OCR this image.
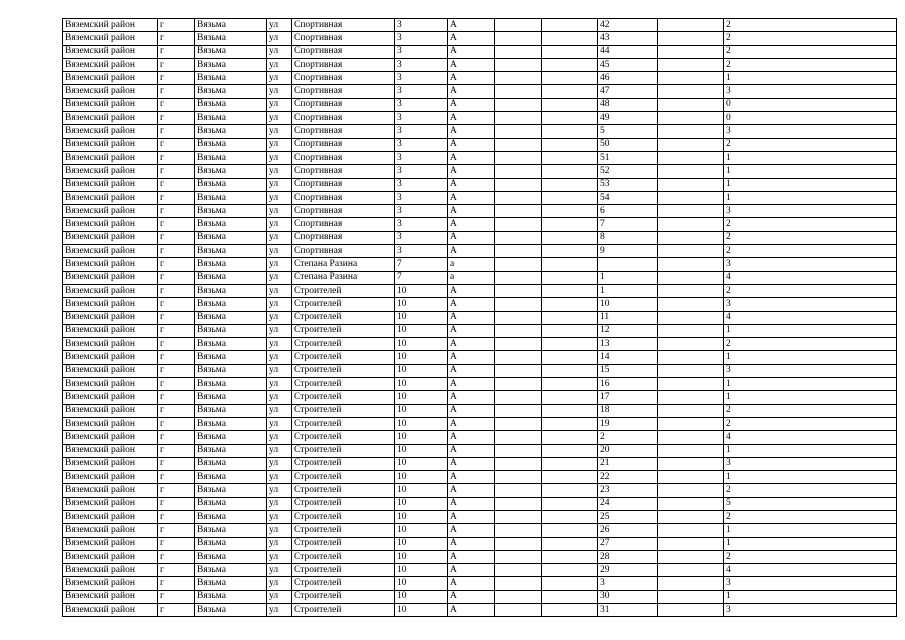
Вяземский район	г	Вязьма	ул	Спортивная	3	А			42		2
Вяземский район	г	Вязьма	ул	Спортивная	3	А			43		2
Вяземский район	г	Вязьма	ул	Спортивная	3	А			44		2
Вяземский район	г	Вязьма	ул	Спортивная	3	А			45		2
Вяземский район	г	Вязьма	ул	Спортивная	3	А			46		1
Вяземский район	г	Вязьма	ул	Спортивная	3	А			47		3
Вяземский район	г	Вязьма	ул	Спортивная	3	А			48		0
Вяземский район	г	Вязьма	ул	Спортивная	3	А			49		0
Вяземский район	г	Вязьма	ул	Спортивная	3	А			5		3
Вяземский район	г	Вязьма	ул	Спортивная	3	А			50		2
Вяземский район	г	Вязьма	ул	Спортивная	3	А			51		1
Вяземский район	г	Вязьма	ул	Спортивная	3	А			52		1
Вяземский район	г	Вязьма	ул	Спортивная	3	А			53		1
Вяземский район	г	Вязьма	ул	Спортивная	3	А			54		1
Вяземский район	г	Вязьма	ул	Спортивная	3	А			6		3
Вяземский район	г	Вязьма	ул	Спортивная	3	А			7		2
Вяземский район	г	Вязьма	ул	Спортивная	3	А			8		2
Вяземский район	г	Вязьма	ул	Спортивная	3	А			9		2
Вяземский район	г	Вязьма	ул	Степана Разина	7	а					3
Вяземский район	г	Вязьма	ул	Степана Разина	7	а			1		4
Вяземский район	г	Вязьма	ул	Строителей	10	А			1		2
Вяземский район	г	Вязьма	ул	Строителей	10	А			10		3
Вяземский район	г	Вязьма	ул	Строителей	10	А			11		4
Вяземский район	г	Вязьма	ул	Строителей	10	А			12		1
Вяземский район	г	Вязьма	ул	Строителей	10	А			13		2
Вяземский район	г	Вязьма	ул	Строителей	10	А			14		1
Вяземский район	г	Вязьма	ул	Строителей	10	А			15		3
Вяземский район	г	Вязьма	ул	Строителей	10	А			16		1
Вяземский район	г	Вязьма	ул	Строителей	10	А			17		1
Вяземский район	г	Вязьма	ул	Строителей	10	А			18		2
Вяземский район	г	Вязьма	ул	Строителей	10	А			19		2
Вяземский район	г	Вязьма	ул	Строителей	10	А			2		4
Вяземский район	г	Вязьма	ул	Строителей	10	А			20		1
Вяземский район	г	Вязьма	ул	Строителей	10	А			21		3
Вяземский район	г	Вязьма	ул	Строителей	10	А			22		1
Вяземский район	г	Вязьма	ул	Строителей	10	А			23		2
Вяземский район	г	Вязьма	ул	Строителей	10	А			24		5
Вяземский район	г	Вязьма	ул	Строителей	10	А			25		2
Вяземский район	г	Вязьма	ул	Строителей	10	А			26		1
Вяземский район	г	Вязьма	ул	Строителей	10	А			27		1
Вяземский район	г	Вязьма	ул	Строителей	10	А			28		2
Вяземский район	г	Вязьма	ул	Строителей	10	А			29		4
Вяземский район	г	Вязьма	ул	Строителей	10	А			3		3
Вяземский район	г	Вязьма	ул	Строителей	10	А			30		1
Вяземский район	г	Вязьма	ул	Строителей	10	А			31		3
